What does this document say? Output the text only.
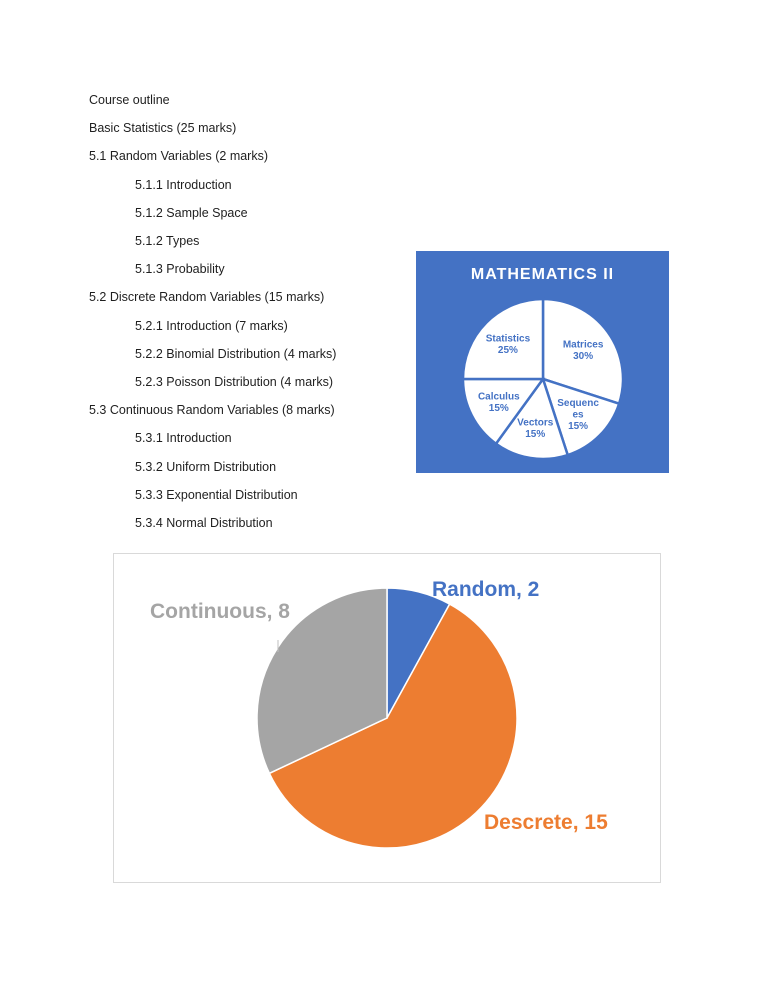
Course outline
Basic Statistics (25 marks)
5.1 Random Variables (2 marks)
5.1.1 Introduction
5.1.2 Sample Space
5.1.2 Types
5.1.3 Probability
5.2 Discrete Random Variables (15 marks)
5.2.1 Introduction (7 marks)
5.2.2 Binomial Distribution (4 marks)
5.2.3 Poisson Distribution (4 marks)
5.3 Continuous Random Variables (8 marks)
5.3.1 Introduction
5.3.2 Uniform Distribution
5.3.3 Exponential Distribution
5.3.4 Normal Distribution
MATHEMATICS II
Matrices
30%
Sequenc
es
15%
Vectors
15%
Calculus
15%
Statistics
25%
Random, 2
Descrete, 15
Continuous, 8
